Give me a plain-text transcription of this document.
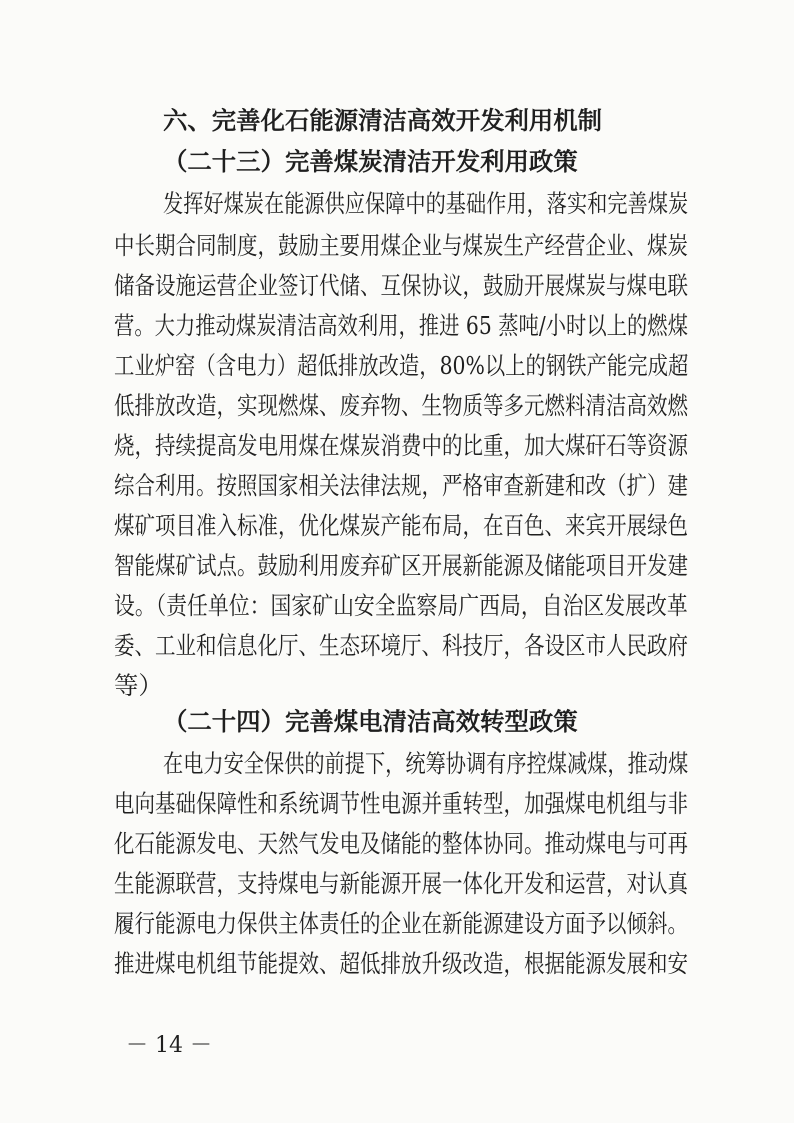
六、完善化石能源清洁高效开发利用机制
（二十三）完善煤炭清洁开发利用政策
发挥好煤炭在能源供应保障中的基础作用，落实和完善煤炭
中长期合同制度，鼓励主要用煤企业与煤炭生产经营企业、煤炭
储备设施运营企业签订代储、互保协议，鼓励开展煤炭与煤电联
营。大力推动煤炭清洁高效利用，推进 65 蒸吨/小时以上的燃煤
工业炉窑（含电力）超低排放改造，80%以上的钢铁产能完成超
低排放改造，实现燃煤、废弃物、生物质等多元燃料清洁高效燃
烧，持续提高发电用煤在煤炭消费中的比重，加大煤矸石等资源
综合利用。按照国家相关法律法规，严格审查新建和改（扩）建
煤矿项目准入标准，优化煤炭产能布局，在百色、来宾开展绿色
智能煤矿试点。鼓励利用废弃矿区开展新能源及储能项目开发建
设。（责任单位：国家矿山安全监察局广西局，自治区发展改革
委、工业和信息化厅、生态环境厅、科技厅，各设区市人民政府
等）
（二十四）完善煤电清洁高效转型政策
在电力安全保供的前提下，统筹协调有序控煤减煤，推动煤
电向基础保障性和系统调节性电源并重转型，加强煤电机组与非
化石能源发电、天然气发电及储能的整体协同。推动煤电与可再
生能源联营，支持煤电与新能源开展一体化开发和运营，对认真
履行能源电力保供主体责任的企业在新能源建设方面予以倾斜。
推进煤电机组节能提效、超低排放升级改造，根据能源发展和安
－ 14 －
